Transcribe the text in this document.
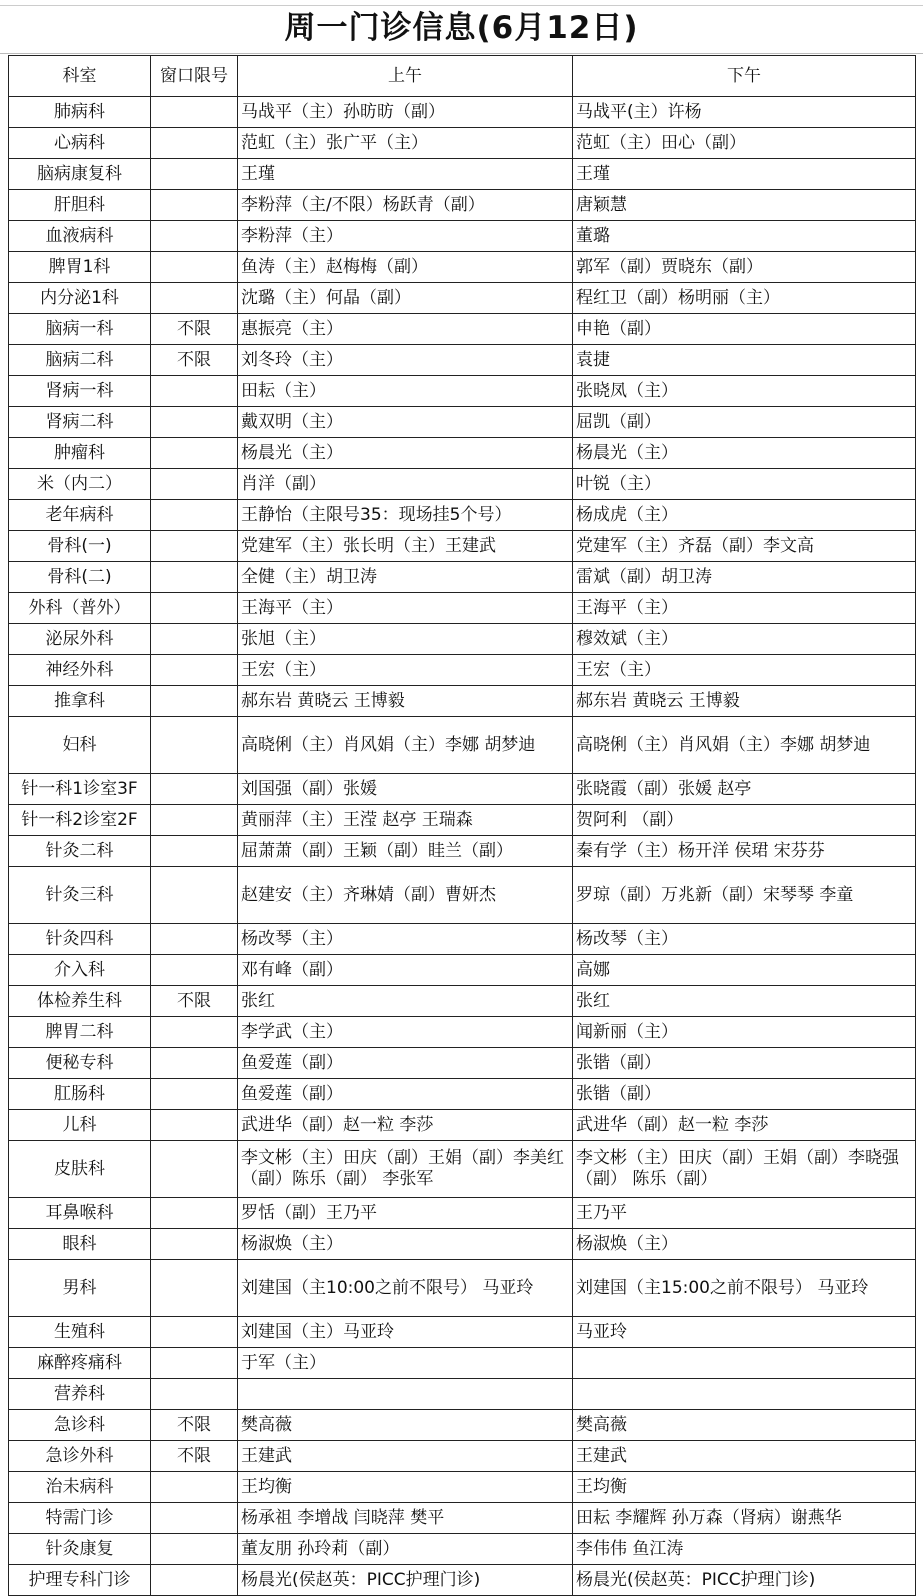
周一门诊信息(6月12日)
科室	窗口限号	上午	下午
肺病科		马战平（主）孙昉昉（副）	马战平(主）许杨
心病科		范虹（主）张广平（主）	范虹（主）田心（副）
脑病康复科		王瑾	王瑾
肝胆科		李粉萍（主/不限）杨跃青（副）	唐颖慧
血液病科		李粉萍（主）	董璐
脾胃1科		鱼涛（主）赵梅梅（副）	郭军（副）贾晓东（副）
内分泌1科		沈璐（主）何晶（副）	程红卫（副）杨明丽（主）
脑病一科	不限	惠振亮（主）	申艳（副）
脑病二科	不限	刘冬玲（主）	袁捷
肾病一科		田耘（主）	张晓凤（主）
肾病二科		戴双明（主）	屈凯（副）
肿瘤科		杨晨光（主）	杨晨光（主）
米（内二）		肖洋（副）	叶锐（主）
老年病科		王静怡（主限号35：现场挂5个号）	杨成虎（主）
骨科(一)		党建军（主）张长明（主）王建武	党建军（主）齐磊（副）李文高
骨科(二)		全健（主）胡卫涛	雷斌（副）胡卫涛
外科（普外）		王海平（主）	王海平（主）
泌尿外科		张旭（主）	穆效斌（主）
神经外科		王宏（主）	王宏（主）
推拿科		郝东岩 黄晓云 王博毅	郝东岩 黄晓云 王博毅
妇科		高晓俐（主）肖风娟（主）李娜 胡梦迪	高晓俐（主）肖风娟（主）李娜 胡梦迪
针一科1诊室3F		刘国强（副）张媛	张晓霞（副）张媛 赵亭
针一科2诊室2F		黄丽萍（主）王滢 赵亭 王瑞森	贺阿利 （副）
针灸二科		屈萧萧（副）王颖（副）眭兰（副）	秦有学（主）杨开洋 侯珺 宋芬芬
针灸三科		赵建安（主）齐琳婧（副）曹妍杰	罗琼（副）万兆新（副）宋琴琴 李童
针灸四科		杨改琴（主）	杨改琴（主）
介入科		邓有峰（副）	高娜
体检养生科	不限	张红	张红
脾胃二科		李学武（主）	闻新丽（主）
便秘专科		鱼爱莲（副）	张锴（副）
肛肠科		鱼爱莲（副）	张锴（副）
儿科		武进华（副）赵一粒 李莎	武进华（副）赵一粒 李莎
皮肤科		李文彬（主）田庆（副）王娟（副）李美红（副）陈乐（副） 李张军	李文彬（主）田庆（副）王娟（副）李晓强（副） 陈乐（副）
耳鼻喉科		罗恬（副）王乃平	王乃平
眼科		杨淑焕（主）	杨淑焕（主）
男科		刘建国（主10:00之前不限号） 马亚玲	刘建国（主15:00之前不限号） 马亚玲
生殖科		刘建国（主）马亚玲	马亚玲
麻醉疼痛科		于军（主）	
营养科			
急诊科	不限	樊高薇	樊高薇
急诊外科	不限	王建武	王建武
治未病科		王均衡	王均衡
特需门诊		杨承祖 李增战 闫晓萍 樊平	田耘 李耀辉 孙万森（肾病）谢燕华
针灸康复		董友朋 孙玲莉（副）	李伟伟 鱼江涛
护理专科门诊		杨晨光(侯赵英：PICC护理门诊)	杨晨光(侯赵英：PICC护理门诊)
